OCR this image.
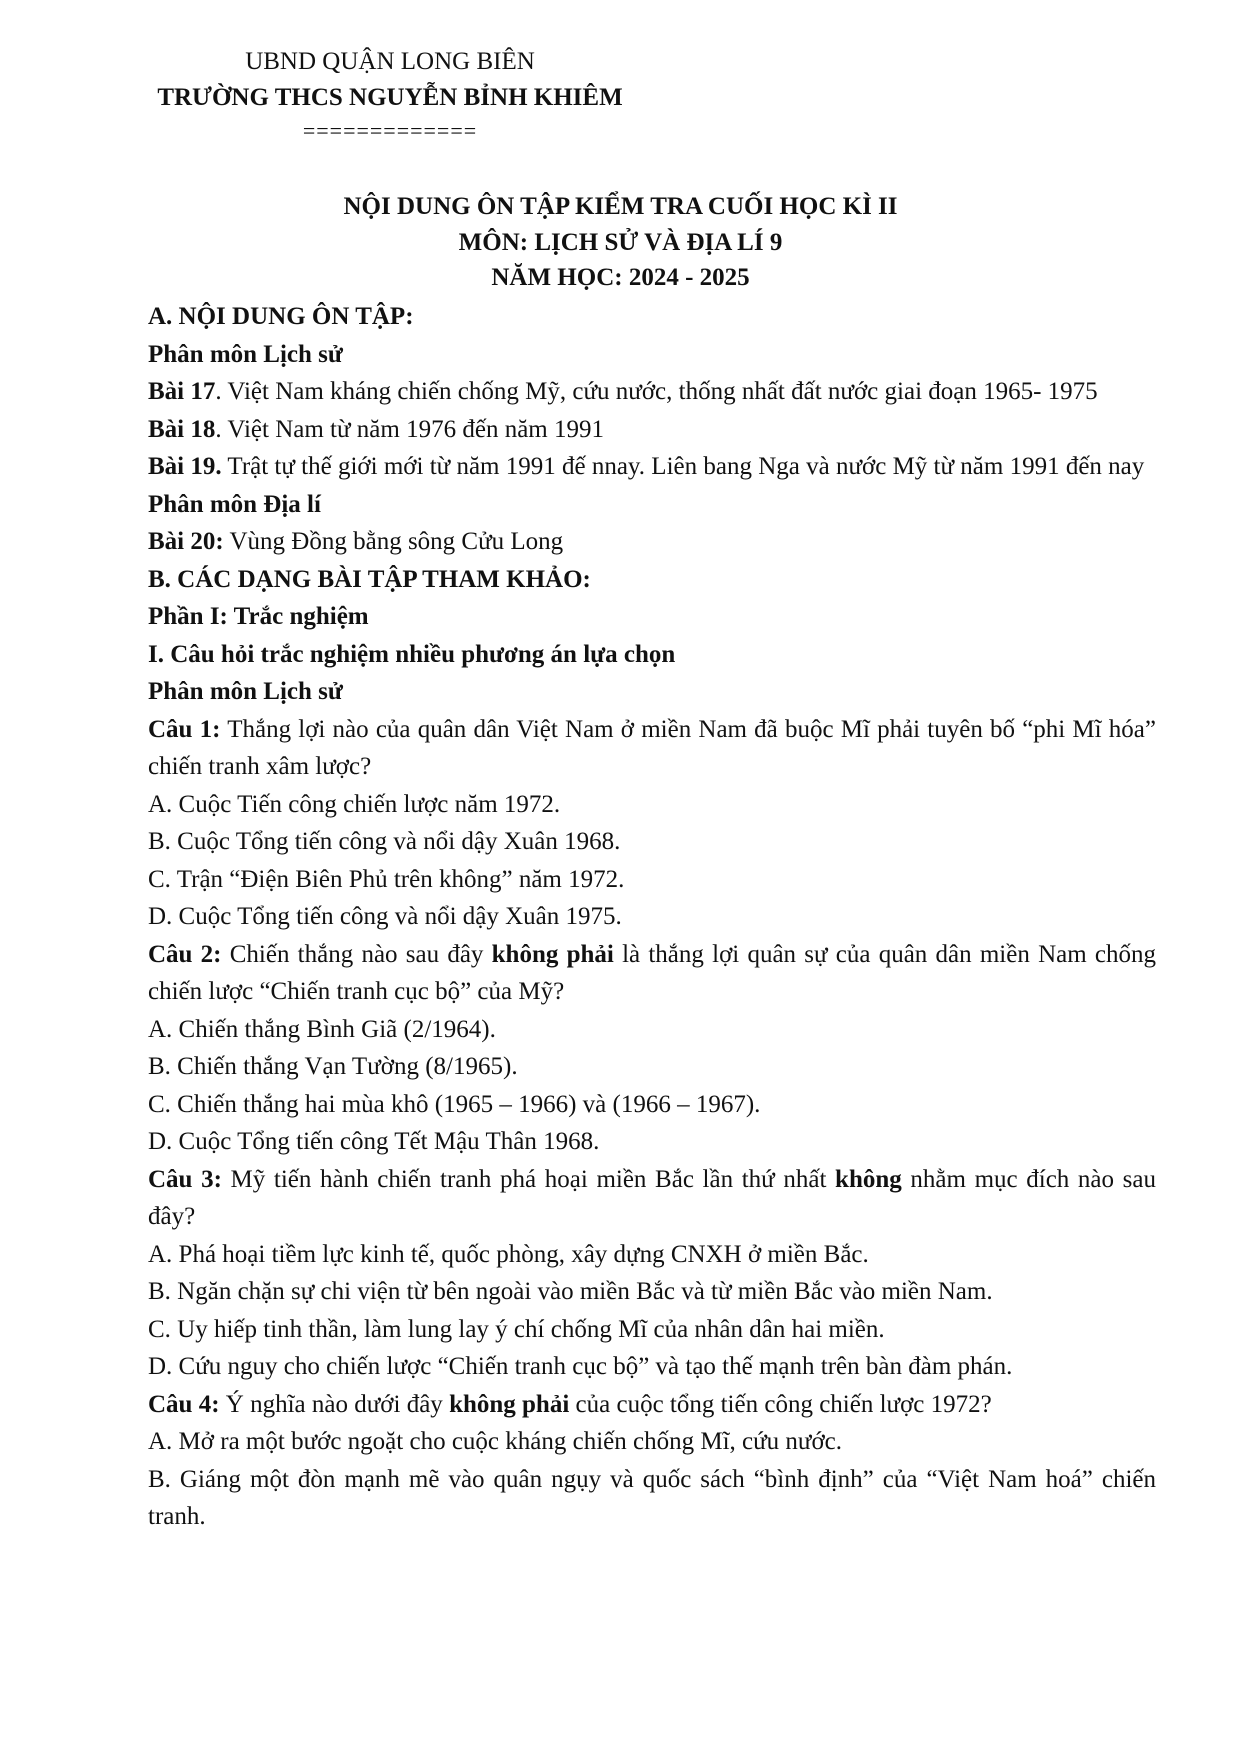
UBND QUẬN LONG BIÊN
TRƯỜNG THCS NGUYỄN BỈNH KHIÊM
=============
NỘI DUNG ÔN TẬP KIỂM TRA CUỐI HỌC KÌ II
MÔN: LỊCH SỬ VÀ ĐỊA LÍ 9
NĂM HỌC: 2024 - 2025

A. NỘI DUNG ÔN TẬP:

Phân môn Lịch sử

Bài 17. Việt Nam kháng chiến chống Mỹ, cứu nước, thống nhất đất nước giai đoạn 1965- 1975

Bài 18. Việt Nam từ năm 1976 đến năm 1991

Bài 19. Trật tự thế giới mới từ năm 1991 đế nnay. Liên bang Nga và nước Mỹ từ năm 1991 đến nay

Phân môn Địa lí

Bài 20: Vùng Đồng bằng sông Cửu Long

B. CÁC DẠNG BÀI TẬP THAM KHẢO:

Phần I: Trắc nghiệm

I. Câu hỏi trắc nghiệm nhiều phương án lựa chọn

Phân môn Lịch sử

Câu 1: Thắng lợi nào của quân dân Việt Nam ở miền Nam đã buộc Mĩ phải tuyên bố “phi Mĩ hóa” chiến tranh xâm lược?

A. Cuộc Tiến công chiến lược năm 1972.

B. Cuộc Tổng tiến công và nổi dậy Xuân 1968.

C. Trận “Điện Biên Phủ trên không” năm 1972.

D. Cuộc Tổng tiến công và nổi dậy Xuân 1975.

Câu 2: Chiến thắng nào sau đây không phải là thắng lợi quân sự của quân dân miền Nam chống chiến lược “Chiến tranh cục bộ” của Mỹ?

A. Chiến thắng Bình Giã (2/1964).

B. Chiến thắng Vạn Tường (8/1965).

C. Chiến thắng hai mùa khô (1965 – 1966) và (1966 – 1967).

D. Cuộc Tổng tiến công Tết Mậu Thân 1968.

Câu 3: Mỹ tiến hành chiến tranh phá hoại miền Bắc lần thứ nhất không nhằm mục đích nào sau đây?

A. Phá hoại tiềm lực kinh tế, quốc phòng, xây dựng CNXH ở miền Bắc.

B. Ngăn chặn sự chi viện từ bên ngoài vào miền Bắc và từ miền Bắc vào miền Nam.

C. Uy hiếp tinh thần, làm lung lay ý chí chống Mĩ của nhân dân hai miền.

D. Cứu nguy cho chiến lược “Chiến tranh cục bộ” và tạo thế mạnh trên bàn đàm phán.

Câu 4: Ý nghĩa nào dưới đây không phải của cuộc tổng tiến công chiến lược 1972?

A. Mở ra một bước ngoặt cho cuộc kháng chiến chống Mĩ, cứu nước.

B. Giáng một đòn mạnh mẽ vào quân ngụy và quốc sách “bình định” của “Việt Nam hoá” chiến tranh.
